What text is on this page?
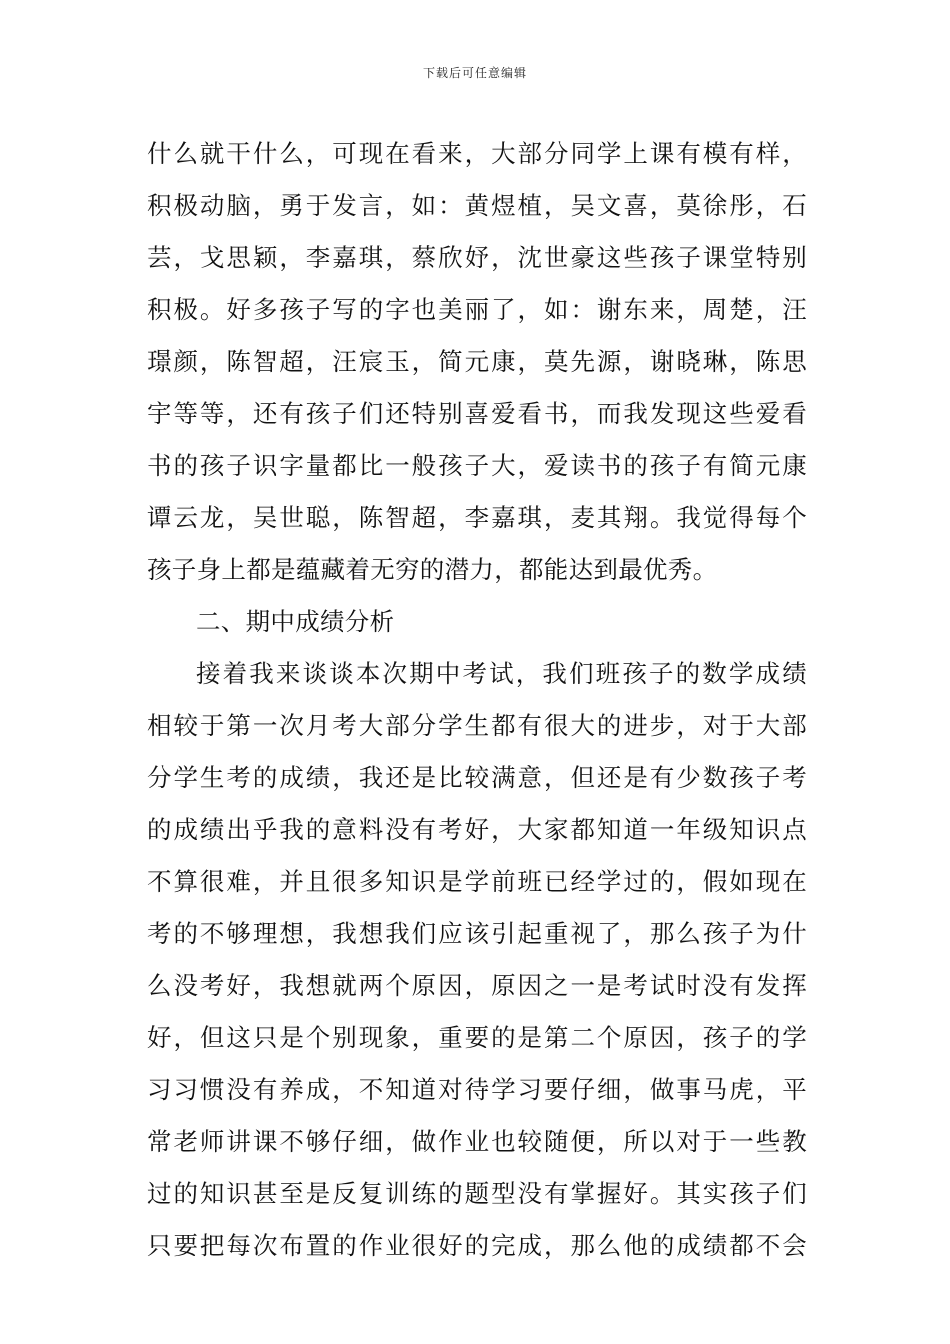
下载后可任意编辑
什么就干什么，可现在看来，大部分同学上课有模有样，
积极动脑，勇于发言，如：黄煜植，吴文喜，莫徐彤，石
芸，戈思颖，李嘉琪，蔡欣妤，沈世豪这些孩子课堂特别
积极。好多孩子写的字也美丽了，如：谢东来，周楚，汪
璟颜，陈智超，汪宸玉，简元康，莫先源，谢晓琳，陈思
宇等等，还有孩子们还特别喜爱看书，而我发现这些爱看
书的孩子识字量都比一般孩子大，爱读书的孩子有简元康
谭云龙，吴世聪，陈智超，李嘉琪，麦其翔。我觉得每个
孩子身上都是蕴藏着无穷的潜力，都能达到最优秀。
二、期中成绩分析
接着我来谈谈本次期中考试，我们班孩子的数学成绩
相较于第一次月考大部分学生都有很大的进步，对于大部
分学生考的成绩，我还是比较满意，但还是有少数孩子考
的成绩出乎我的意料没有考好，大家都知道一年级知识点
不算很难，并且很多知识是学前班已经学过的，假如现在
考的不够理想，我想我们应该引起重视了，那么孩子为什
么没考好，我想就两个原因，原因之一是考试时没有发挥
好，但这只是个别现象，重要的是第二个原因，孩子的学
习习惯没有养成，不知道对待学习要仔细，做事马虎，平
常老师讲课不够仔细，做作业也较随便，所以对于一些教
过的知识甚至是反复训练的题型没有掌握好。其实孩子们
只要把每次布置的作业很好的完成，那么他的成绩都不会
